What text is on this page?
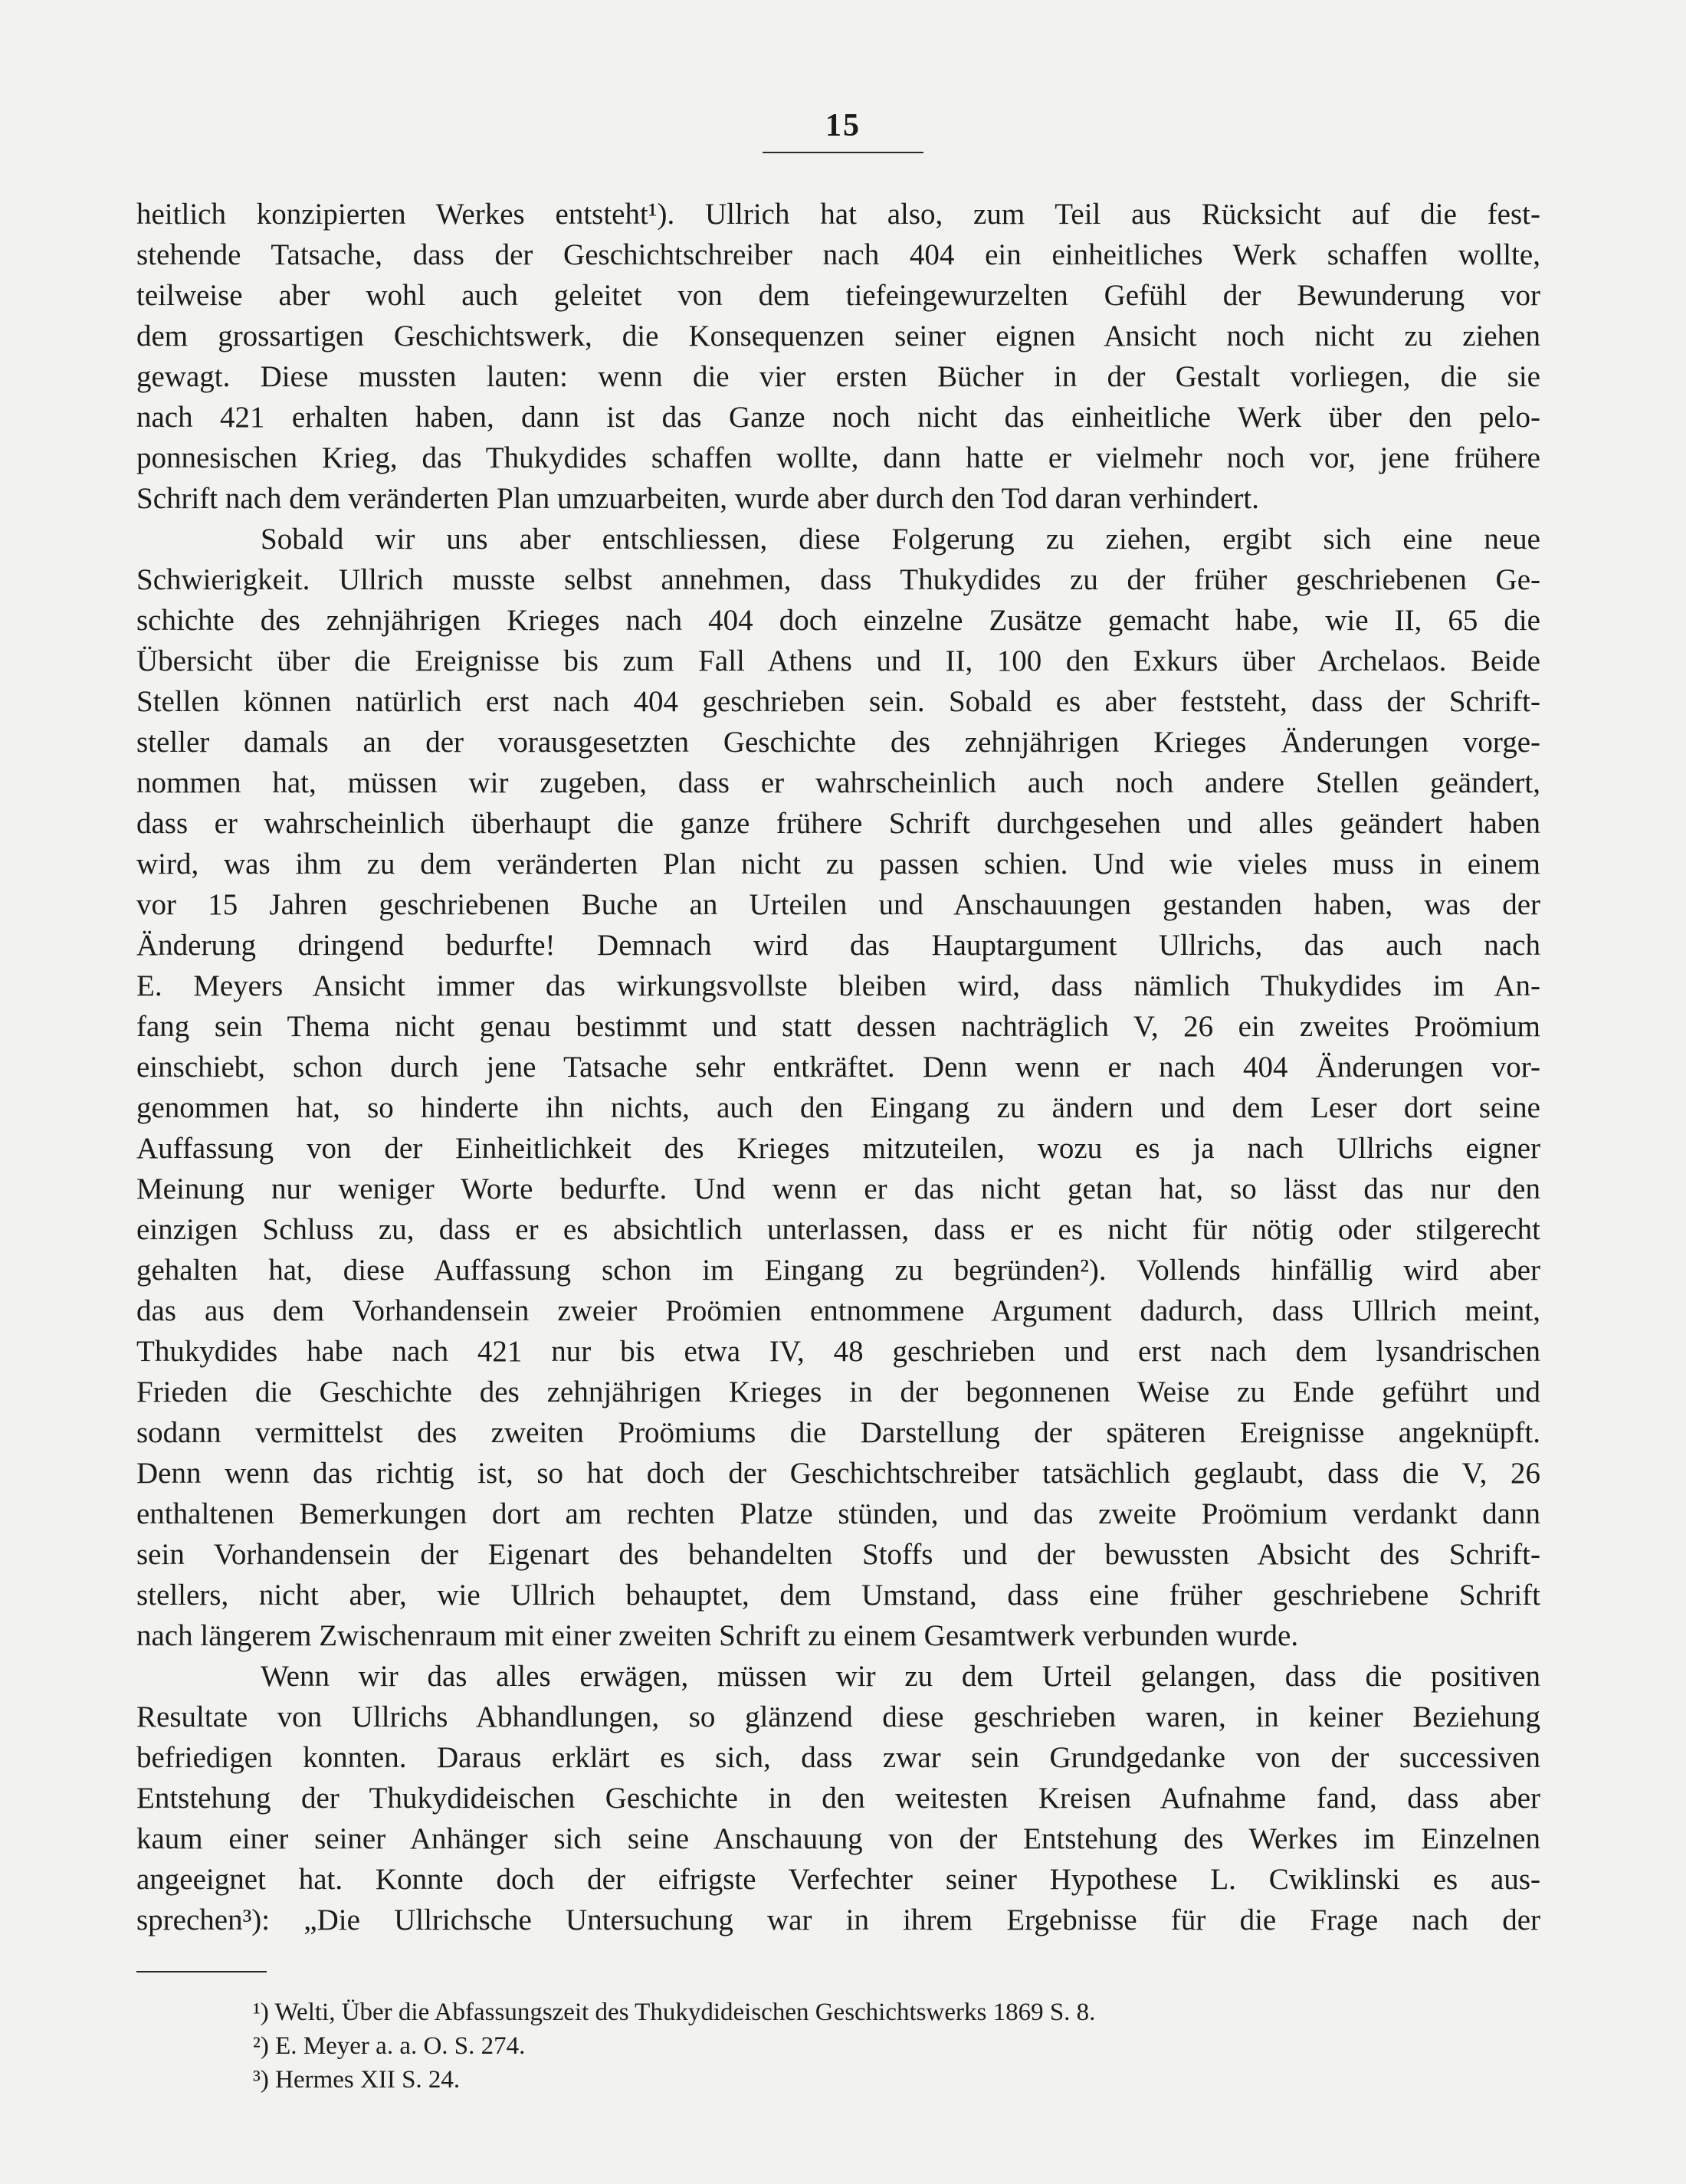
15
heitlich konzipierten Werkes entsteht¹). Ullrich hat also, zum Teil aus Rücksicht auf die fest-
stehende Tatsache, dass der Geschichtschreiber nach 404 ein einheitliches Werk schaffen wollte,
teilweise aber wohl auch geleitet von dem tiefeingewurzelten Gefühl der Bewunderung vor
dem grossartigen Geschichtswerk, die Konsequenzen seiner eignen Ansicht noch nicht zu ziehen
gewagt. Diese mussten lauten: wenn die vier ersten Bücher in der Gestalt vorliegen, die sie
nach 421 erhalten haben, dann ist das Ganze noch nicht das einheitliche Werk über den pelo-
ponnesischen Krieg, das Thukydides schaffen wollte, dann hatte er vielmehr noch vor, jene frühere
Schrift nach dem veränderten Plan umzuarbeiten, wurde aber durch den Tod daran verhindert.
Sobald wir uns aber entschliessen, diese Folgerung zu ziehen, ergibt sich eine neue
Schwierigkeit. Ullrich musste selbst annehmen, dass Thukydides zu der früher geschriebenen Ge-
schichte des zehnjährigen Krieges nach 404 doch einzelne Zusätze gemacht habe, wie II, 65 die
Übersicht über die Ereignisse bis zum Fall Athens und II, 100 den Exkurs über Archelaos. Beide
Stellen können natürlich erst nach 404 geschrieben sein. Sobald es aber feststeht, dass der Schrift-
steller damals an der vorausgesetzten Geschichte des zehnjährigen Krieges Änderungen vorge-
nommen hat, müssen wir zugeben, dass er wahrscheinlich auch noch andere Stellen geändert,
dass er wahrscheinlich überhaupt die ganze frühere Schrift durchgesehen und alles geändert haben
wird, was ihm zu dem veränderten Plan nicht zu passen schien. Und wie vieles muss in einem
vor 15 Jahren geschriebenen Buche an Urteilen und Anschauungen gestanden haben, was der
Änderung dringend bedurfte! Demnach wird das Hauptargument Ullrichs, das auch nach
E. Meyers Ansicht immer das wirkungsvollste bleiben wird, dass nämlich Thukydides im An-
fang sein Thema nicht genau bestimmt und statt dessen nachträglich V, 26 ein zweites Proömium
einschiebt, schon durch jene Tatsache sehr entkräftet. Denn wenn er nach 404 Änderungen vor-
genommen hat, so hinderte ihn nichts, auch den Eingang zu ändern und dem Leser dort seine
Auffassung von der Einheitlichkeit des Krieges mitzuteilen, wozu es ja nach Ullrichs eigner
Meinung nur weniger Worte bedurfte. Und wenn er das nicht getan hat, so lässt das nur den
einzigen Schluss zu, dass er es absichtlich unterlassen, dass er es nicht für nötig oder stilgerecht
gehalten hat, diese Auffassung schon im Eingang zu begründen²). Vollends hinfällig wird aber
das aus dem Vorhandensein zweier Proömien entnommene Argument dadurch, dass Ullrich meint,
Thukydides habe nach 421 nur bis etwa IV, 48 geschrieben und erst nach dem lysandrischen
Frieden die Geschichte des zehnjährigen Krieges in der begonnenen Weise zu Ende geführt und
sodann vermittelst des zweiten Proömiums die Darstellung der späteren Ereignisse angeknüpft.
Denn wenn das richtig ist, so hat doch der Geschichtschreiber tatsächlich geglaubt, dass die V, 26
enthaltenen Bemerkungen dort am rechten Platze stünden, und das zweite Proömium verdankt dann
sein Vorhandensein der Eigenart des behandelten Stoffs und der bewussten Absicht des Schrift-
stellers, nicht aber, wie Ullrich behauptet, dem Umstand, dass eine früher geschriebene Schrift
nach längerem Zwischenraum mit einer zweiten Schrift zu einem Gesamtwerk verbunden wurde.
Wenn wir das alles erwägen, müssen wir zu dem Urteil gelangen, dass die positiven
Resultate von Ullrichs Abhandlungen, so glänzend diese geschrieben waren, in keiner Beziehung
befriedigen konnten. Daraus erklärt es sich, dass zwar sein Grundgedanke von der successiven
Entstehung der Thukydideischen Geschichte in den weitesten Kreisen Aufnahme fand, dass aber
kaum einer seiner Anhänger sich seine Anschauung von der Entstehung des Werkes im Einzelnen
angeeignet hat. Konnte doch der eifrigste Verfechter seiner Hypothese L. Cwiklinski es aus-
sprechen³): „Die Ullrichsche Untersuchung war in ihrem Ergebnisse für die Frage nach der
¹) Welti, Über die Abfassungszeit des Thukydideischen Geschichtswerks 1869 S. 8.
²) E. Meyer a. a. O. S. 274.
³) Hermes XII S. 24.
